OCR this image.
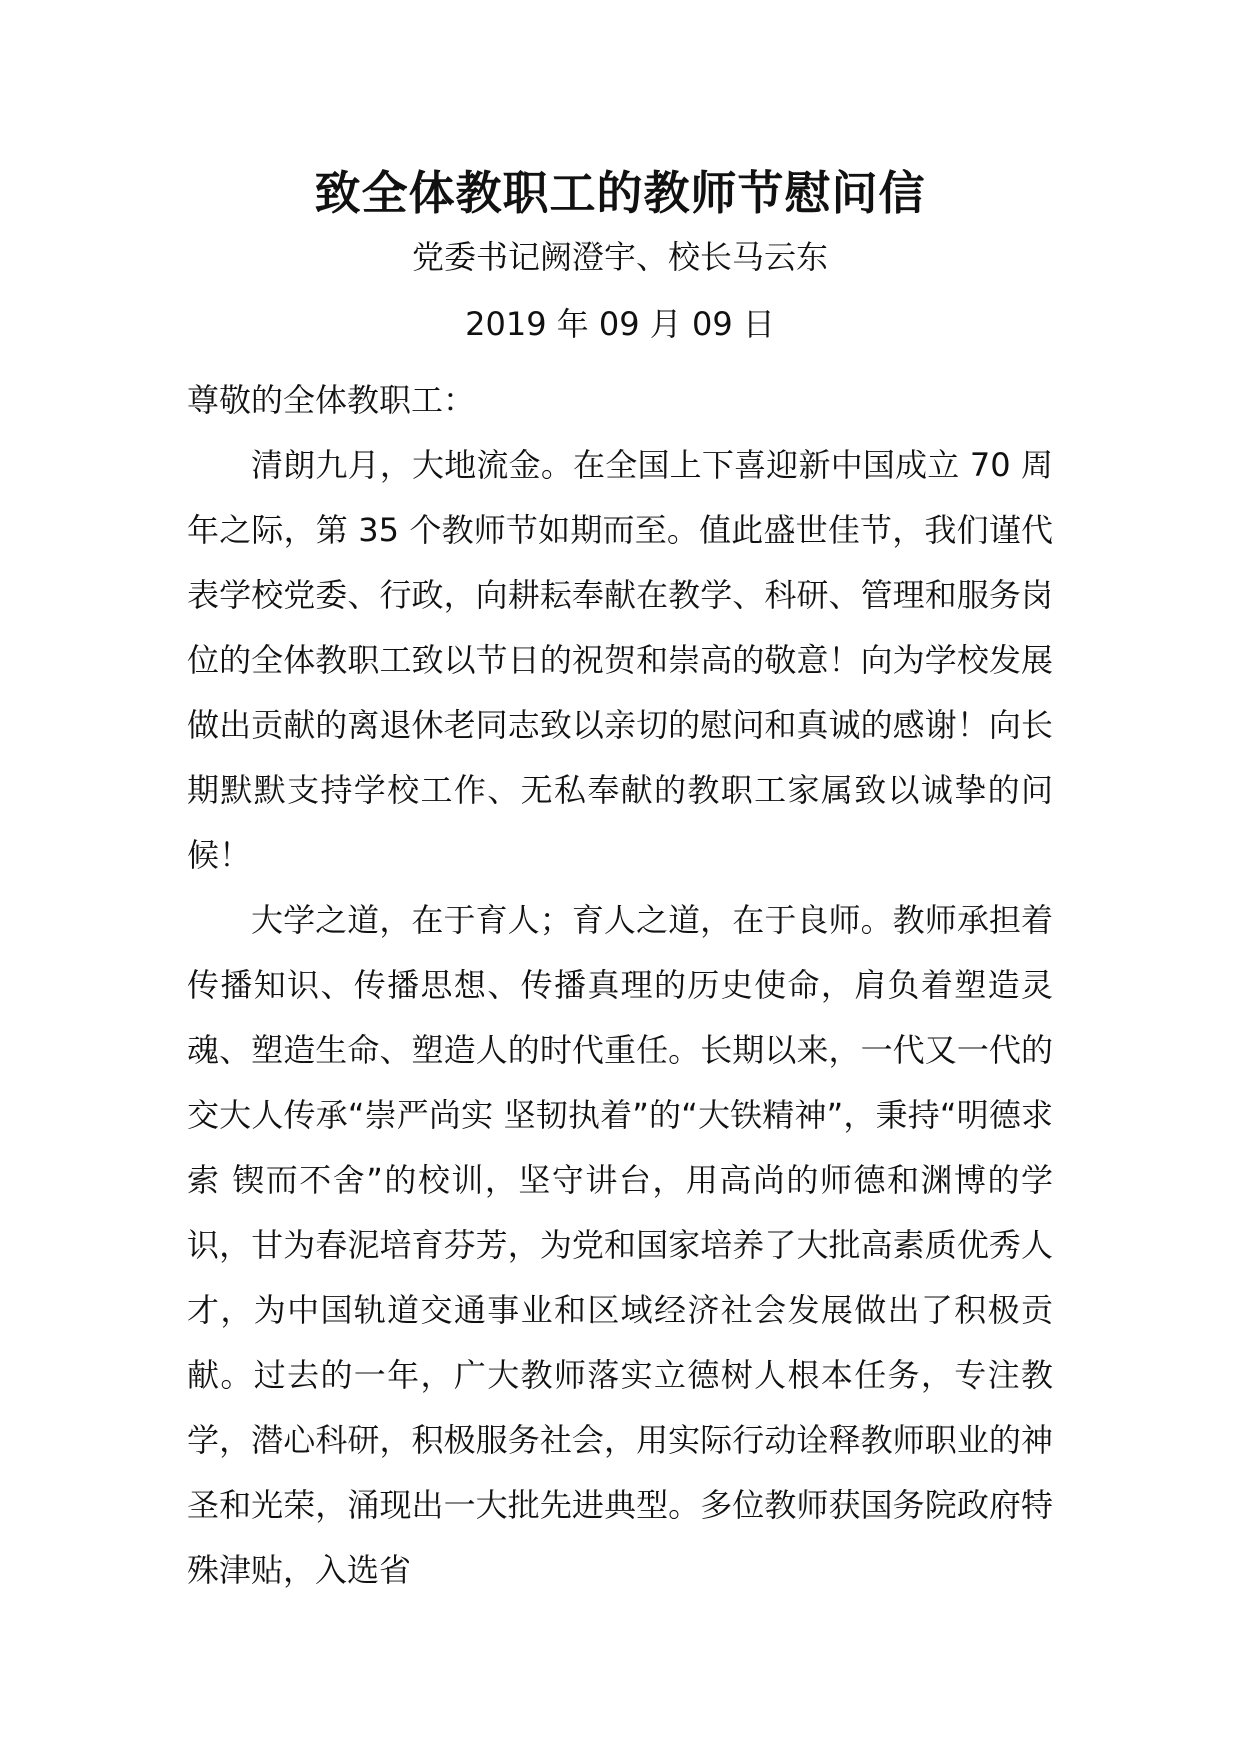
致全体教职工的教师节慰问信

党委书记阙澄宇、校长马云东

2019 年 09 月 09 日

尊敬的全体教职工：

清朗九月，大地流金。在全国上下喜迎新中国成立 70 周年之际，第 35 个教师节如期而至。值此盛世佳节，我们谨代表学校党委、行政，向耕耘奉献在教学、科研、管理和服务岗位的全体教职工致以节日的祝贺和崇高的敬意！向为学校发展做出贡献的离退休老同志致以亲切的慰问和真诚的感谢！向长期默默支持学校工作、无私奉献的教职工家属致以诚挚的问候！

大学之道，在于育人；育人之道，在于良师。教师承担着传播知识、传播思想、传播真理的历史使命，肩负着塑造灵魂、塑造生命、塑造人的时代重任。长期以来，一代又一代的交大人传承“崇严尚实 坚韧执着”的“大铁精神”，秉持“明德求索 锲而不舍”的校训，坚守讲台，用高尚的师德和渊博的学识，甘为春泥培育芬芳，为党和国家培养了大批高素质优秀人才，为中国轨道交通事业和区域经济社会发展做出了积极贡献。过去的一年，广大教师落实立德树人根本任务，专注教学，潜心科研，积极服务社会，用实际行动诠释教师职业的神圣和光荣，涌现出一大批先进典型。多位教师获国务院政府特殊津贴，入选省
